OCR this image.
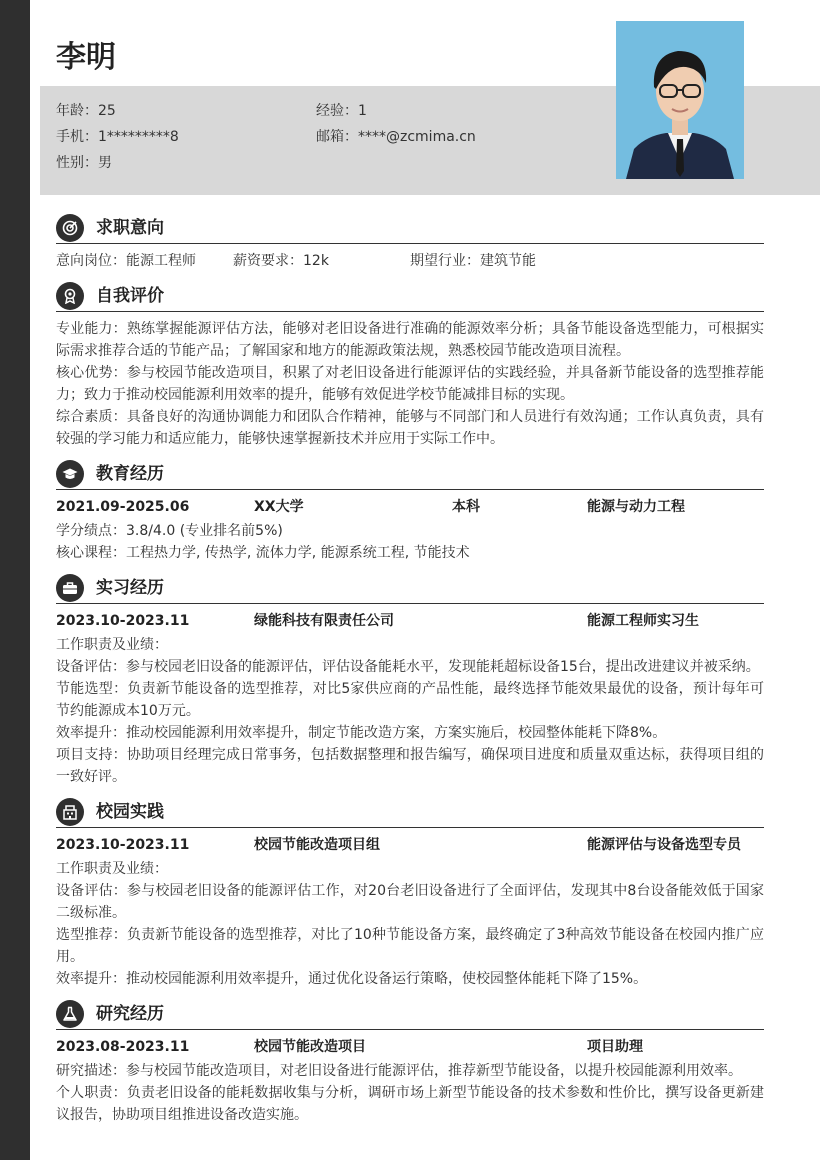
年龄：25	经验：1
手机：1*********8	邮箱：****@zcmima.cn
性别：男
李明
求职意向
意向岗位：能源工程师	薪资要求：12k	期望行业：建筑节能
自我评价
专业能力：熟练掌握能源评估方法，能够对老旧设备进行准确的能源效率分析；具备节能设备选型能力，可根据实际需求推荐合适的节能产品；了解国家和地方的能源政策法规，熟悉校园节能改造项目流程。
核心优势：参与校园节能改造项目，积累了对老旧设备进行能源评估的实践经验，并具备新节能设备的选型推荐能力；致力于推动校园能源利用效率的提升，能够有效促进学校节能减排目标的实现。
综合素质：具备良好的沟通协调能力和团队合作精神，能够与不同部门和人员进行有效沟通；工作认真负责，具有较强的学习能力和适应能力，能够快速掌握新技术并应用于实际工作中。
教育经历
2021.09-2025.06	XX大学	本科	能源与动力工程
学分绩点：3.8/4.0 (专业排名前5%)
核心课程：工程热力学, 传热学, 流体力学, 能源系统工程, 节能技术
实习经历
2023.10-2023.11	绿能科技有限责任公司	能源工程师实习生
工作职责及业绩：
设备评估：参与校园老旧设备的能源评估，评估设备能耗水平，发现能耗超标设备15台，提出改进建议并被采纳。
节能选型：负责新节能设备的选型推荐，对比5家供应商的产品性能，最终选择节能效果最优的设备，预计每年可节约能源成本10万元。
效率提升：推动校园能源利用效率提升，制定节能改造方案，方案实施后，校园整体能耗下降8%。
项目支持：协助项目经理完成日常事务，包括数据整理和报告编写，确保项目进度和质量双重达标，获得项目组的一致好评。
校园实践
2023.10-2023.11	校园节能改造项目组	能源评估与设备选型专员
工作职责及业绩：
设备评估：参与校园老旧设备的能源评估工作，对20台老旧设备进行了全面评估，发现其中8台设备能效低于国家二级标准。
选型推荐：负责新节能设备的选型推荐，对比了10种节能设备方案，最终确定了3种高效节能设备在校园内推广应用。
效率提升：推动校园能源利用效率提升，通过优化设备运行策略，使校园整体能耗下降了15%。
研究经历
2023.08-2023.11	校园节能改造项目	项目助理
研究描述：参与校园节能改造项目，对老旧设备进行能源评估，推荐新型节能设备，以提升校园能源利用效率。
个人职责：负责老旧设备的能耗数据收集与分析，调研市场上新型节能设备的技术参数和性价比，撰写设备更新建议报告，协助项目组推进设备改造实施。
